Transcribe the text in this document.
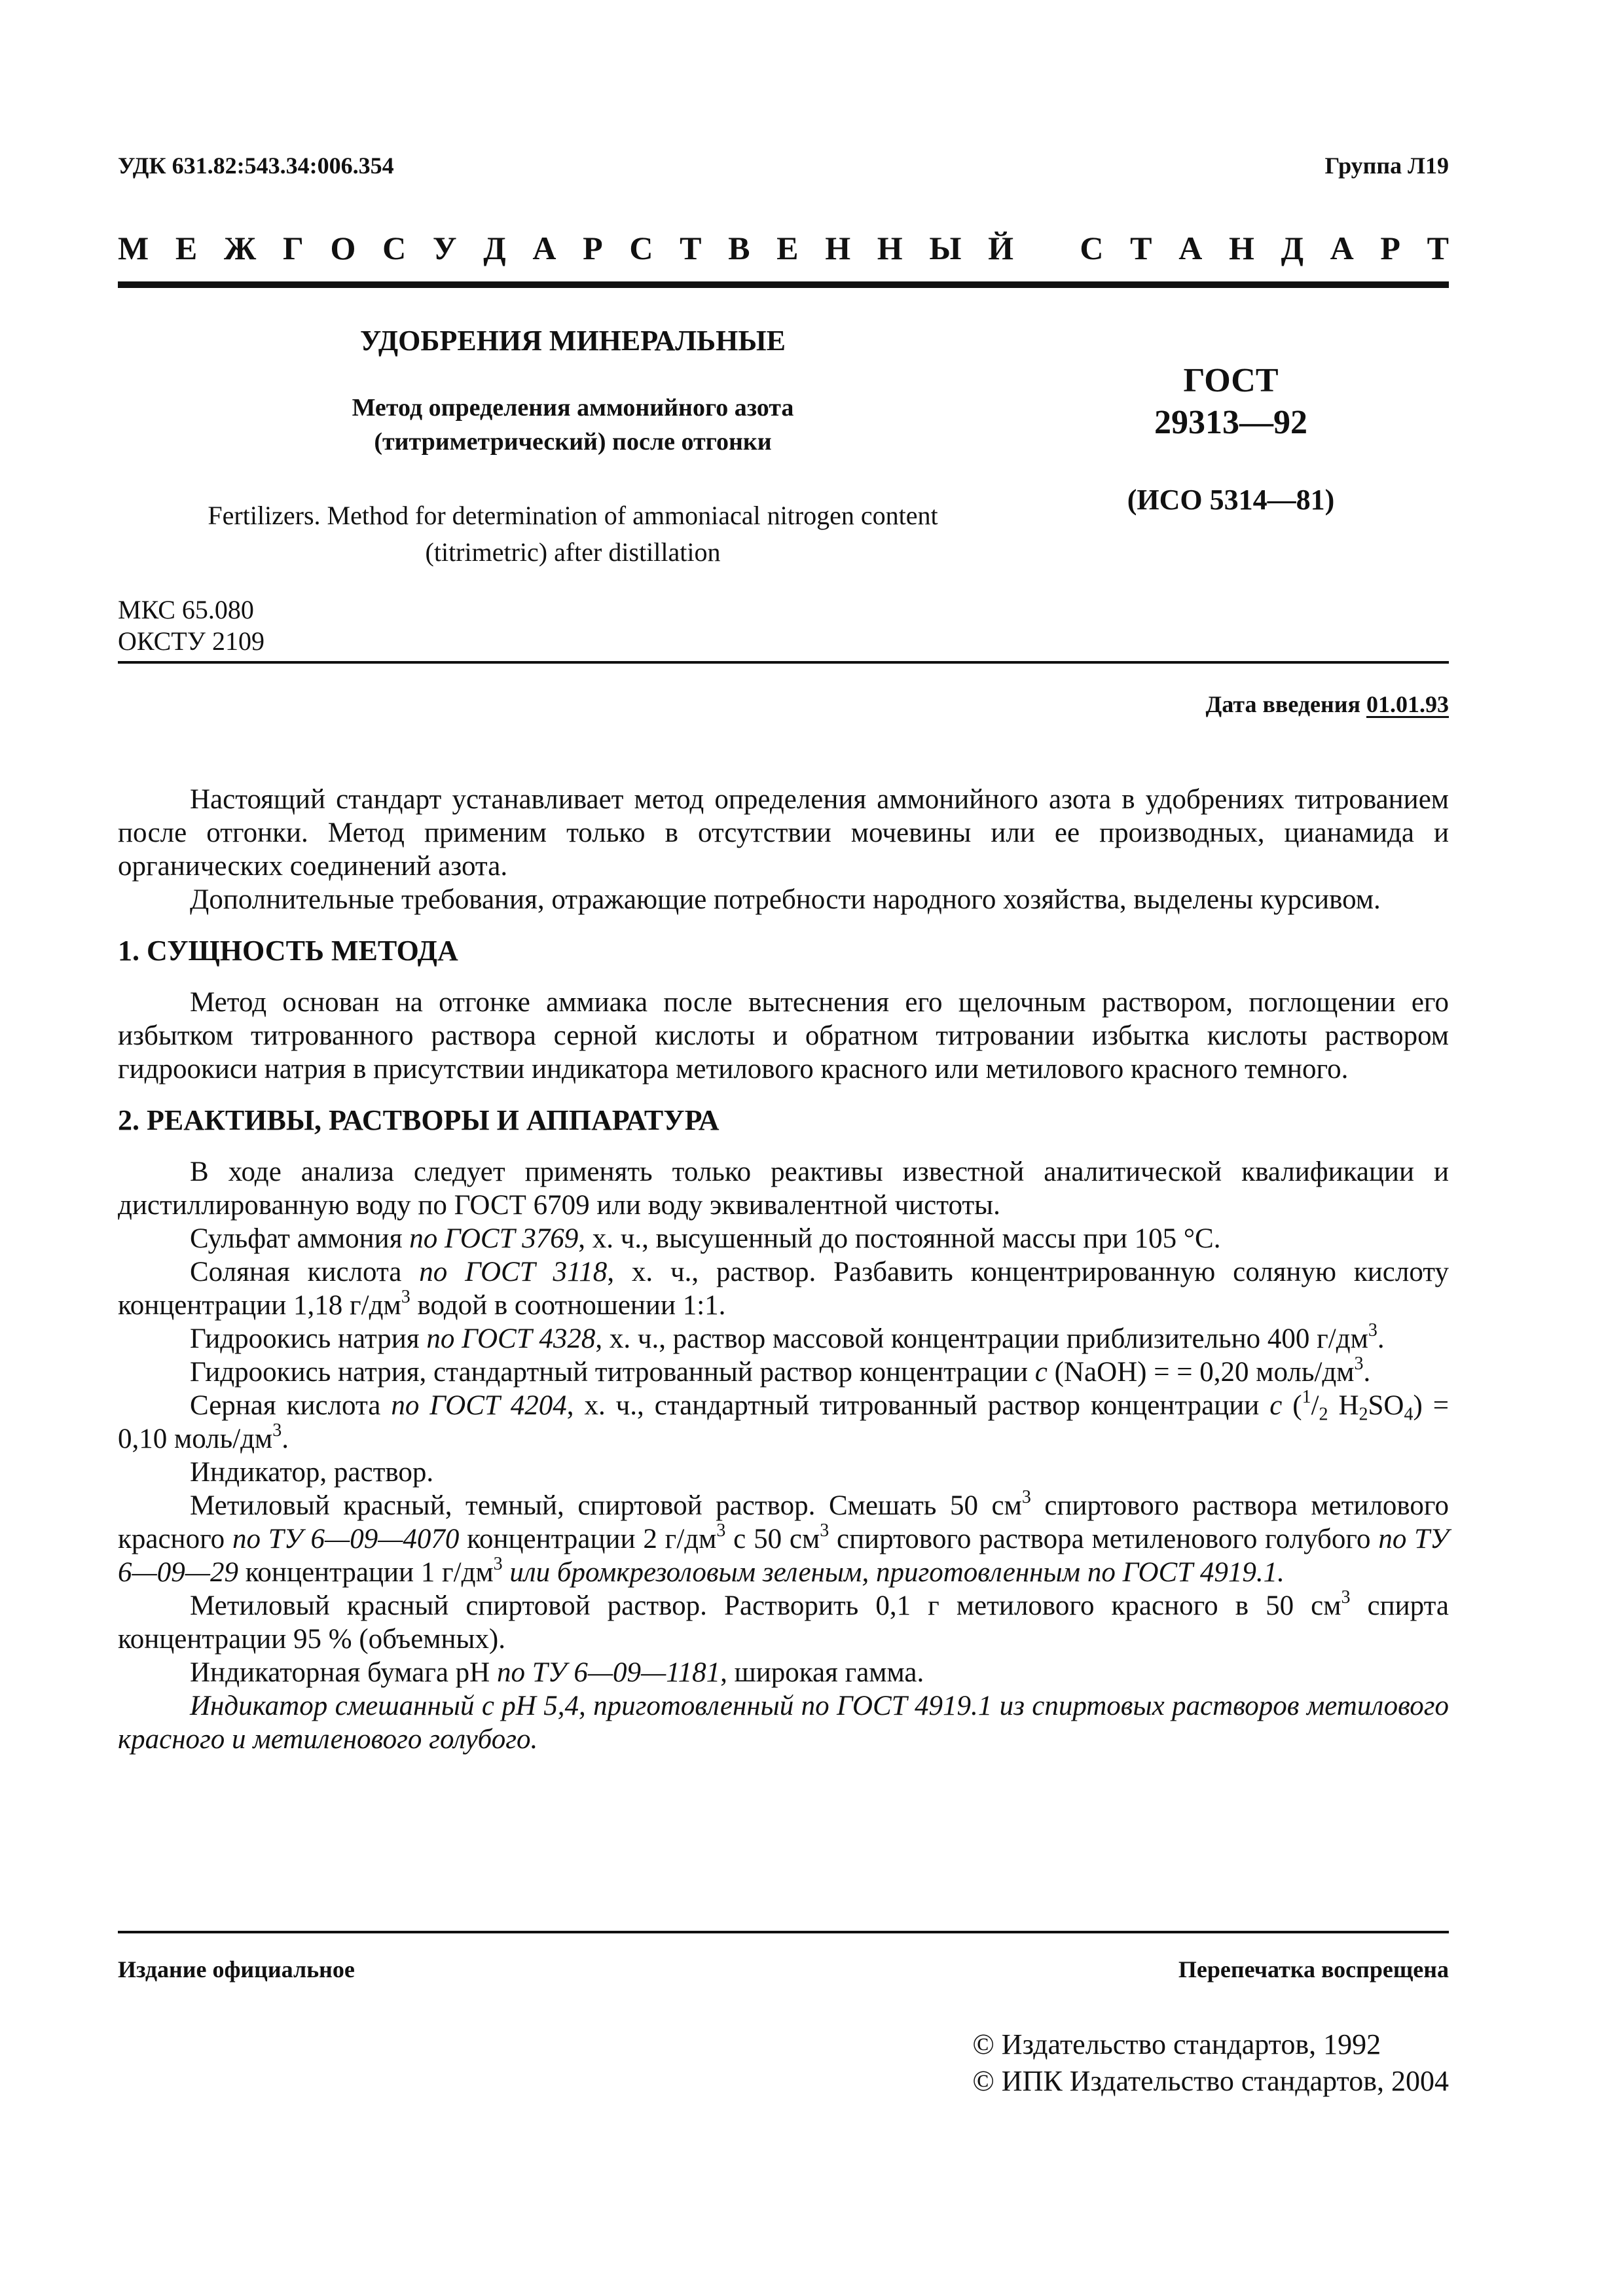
УДК 631.82:543.34:006.354	Группа Л19
М Е Ж Г О С У Д А Р С Т В Е Н Н Ы Й С Т А Н Д А Р Т
УДОБРЕНИЯ МИНЕРАЛЬНЫЕ
Метод определения аммонийного азота
(титриметрический) после отгонки
Fertilizers. Method for determination of ammoniacal nitrogen content
(titrimetric) after distillation
ГОСТ
29313—92
(ИСО 5314—81)
МКС 65.080
ОКСТУ 2109
Дата введения 01.01.93

Настоящий стандарт устанавливает метод определения аммонийного азота в удобрениях титрованием после отгонки. Метод применим только в отсутствии мочевины или ее производных, цианамида и органических соединений азота.

Дополнительные требования, отражающие потребности народного хозяйства, выделены курсивом.

1. СУЩНОСТЬ МЕТОДА

Метод основан на отгонке аммиака после вытеснения его щелочным раствором, поглощении его избытком титрованного раствора серной кислоты и обратном титровании избытка кислоты раствором гидроокиси натрия в присутствии индикатора метилового красного или метилового красного темного.

2. РЕАКТИВЫ, РАСТВОРЫ И АППАРАТУРА

В ходе анализа следует применять только реактивы известной аналитической квалификации и дистиллированную воду по ГОСТ 6709 или воду эквивалентной чистоты.

Сульфат аммония по ГОСТ 3769, х. ч., высушенный до постоянной массы при 105 °С.

Соляная кислота по ГОСТ 3118, х. ч., раствор. Разбавить концентрированную соляную кислоту концентрации 1,18 $г/дм^3$ водой в соотношении 1:1.

Гидроокись натрия по ГОСТ 4328, х. ч., раствор массовой концентрации приблизительно 400 $г/дм^3$.

Гидроокись натрия, стандартный титрованный раствор концентрации c (NaOH) = = 0,20 моль/$дм^3$.

Серная кислота по ГОСТ 4204, х. ч., стандартный титрованный раствор концентрации c ($^1/_2$ $H_2SO_4) = 0,10$ моль/$дм^3$.

Индикатор, раствор.

Метиловый красный, темный, спиртовой раствор. Смешать 50 $см^3$ спиртового раствора метилового красного по ТУ 6—09—4070 концентрации 2 $г/дм^3$ с 50 $см^3$ спиртового раствора метиленового голубого по ТУ 6—09—29 концентрации 1 $г/дм^3$ или бромкрезоловым зеленым, приготовленным по ГОСТ 4919.1.

Метиловый красный спиртовой раствор. Растворить 0,1 г метилового красного в 50 $см^3$ спирта концентрации 95 % (объемных).

Индикаторная бумага рН по ТУ 6—09—1181, широкая гамма.

Индикатор смешанный с рН 5,4, приготовленный по ГОСТ 4919.1 из спиртовых растворов метилового красного и метиленового голубого.

Издание официальное	Перепечатка воспрещена
© Издательство стандартов, 1992
© ИПК Издательство стандартов, 2004
